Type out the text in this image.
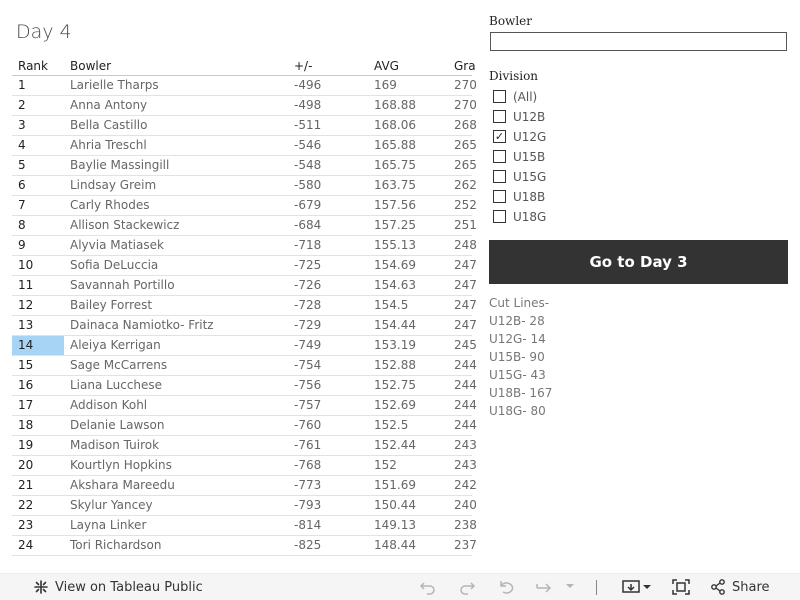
Day 4
Rank Bowler	+/-	AVG	Gra
1	Larielle Tharps	-496	169	270
2	Anna Antony	-498	168.88	270
3	Bella Castillo	-511	168.06	268
4	Ahria Treschl	-546	165.88	265
5	Baylie Massingill	-548	165.75	265
6	Lindsay Greim	-580	163.75	262
7	Carly Rhodes	-679	157.56	252
8	Allison Stackewicz	-684	157.25	251
9	Alyvia Matiasek	-718	155.13	248
10	Sofia DeLuccia	-725	154.69	247
11	Savannah Portillo	-726	154.63	247
12	Bailey Forrest	-728	154.5	247
13	Dainaca Namiotko- Fritz	-729	154.44	247
14	Aleiya Kerrigan	-749	153.19	245
15	Sage McCarrens	-754	152.88	244
16	Liana Lucchese	-756	152.75	244
17	Addison Kohl	-757	152.69	244
18	Delanie Lawson	-760	152.5	244
19	Madison Tuirok	-761	152.44	243
20	Kourtlyn Hopkins	-768	152	243
21	Akshara Mareedu	-773	151.69	242
22	Skylur Yancey	-793	150.44	240
23	Layna Linker	-814	149.13	238
24	Tori Richardson	-825	148.44	237
Bowler
Division
(All)
U12B
✓ U12G
U15B
U15G
U18B
U18G
Go to Day 3
Cut Lines-
U12B- 28
U12G- 14
U15B- 90
U15G- 43
U18B- 167
U18G- 80
View on Tableau Public	Share
